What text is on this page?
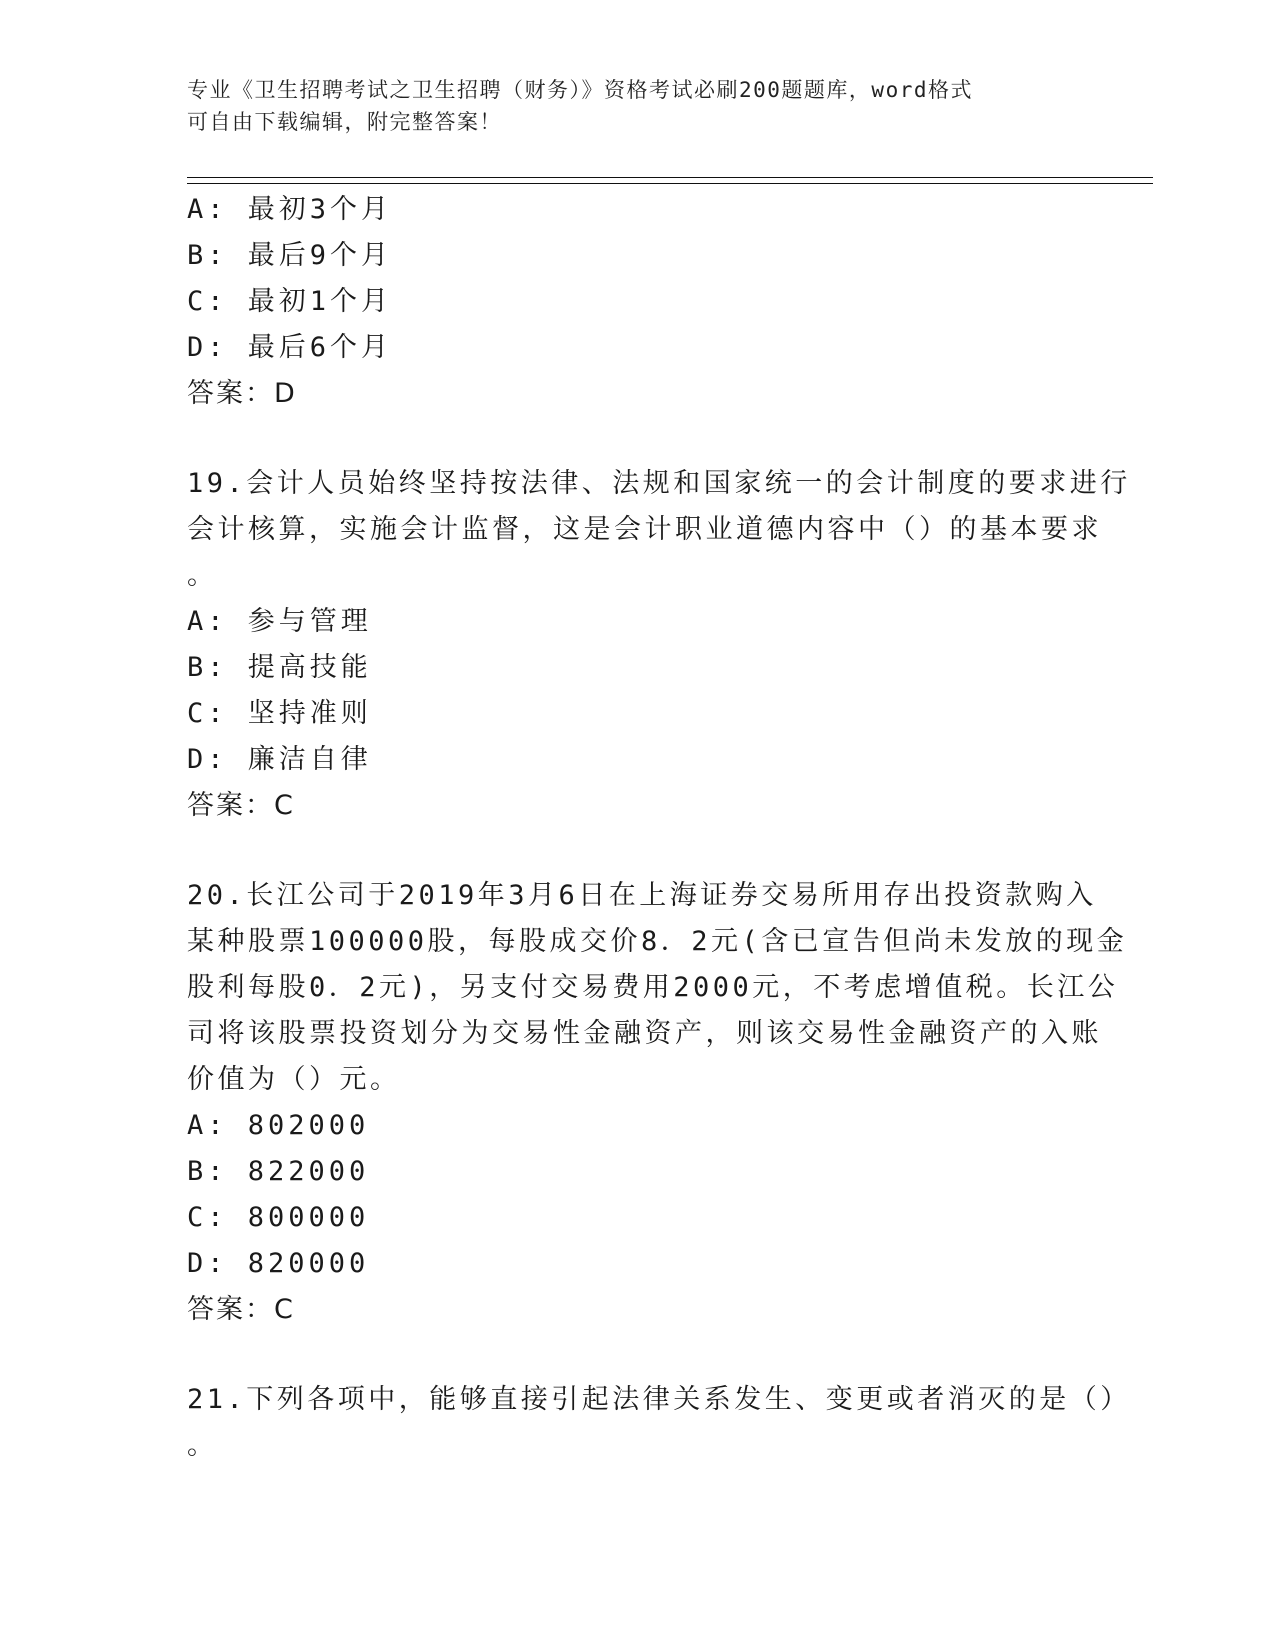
专业《卫生招聘考试之卫生招聘（财务）》资格考试必刷200题题库，word格式
可自由下载编辑，附完整答案！
A: 最初3个月
B: 最后9个月
C: 最初1个月
D: 最后6个月
答案：D
19.会计人员始终坚持按法律、法规和国家统一的会计制度的要求进行
会计核算，实施会计监督，这是会计职业道德内容中（）的基本要求
。
A: 参与管理
B: 提高技能
C: 坚持准则
D: 廉洁自律
答案：C
20.长江公司于2019年3月6日在上海证券交易所用存出投资款购入
某种股票100000股，每股成交价8．2元(含已宣告但尚未发放的现金
股利每股0．2元)，另支付交易费用2000元，不考虑增值税。长江公
司将该股票投资划分为交易性金融资产，则该交易性金融资产的入账
价值为（）元。
A: 802000
B: 822000
C: 800000
D: 820000
答案：C
21.下列各项中，能够直接引起法律关系发生、变更或者消灭的是（）
。
